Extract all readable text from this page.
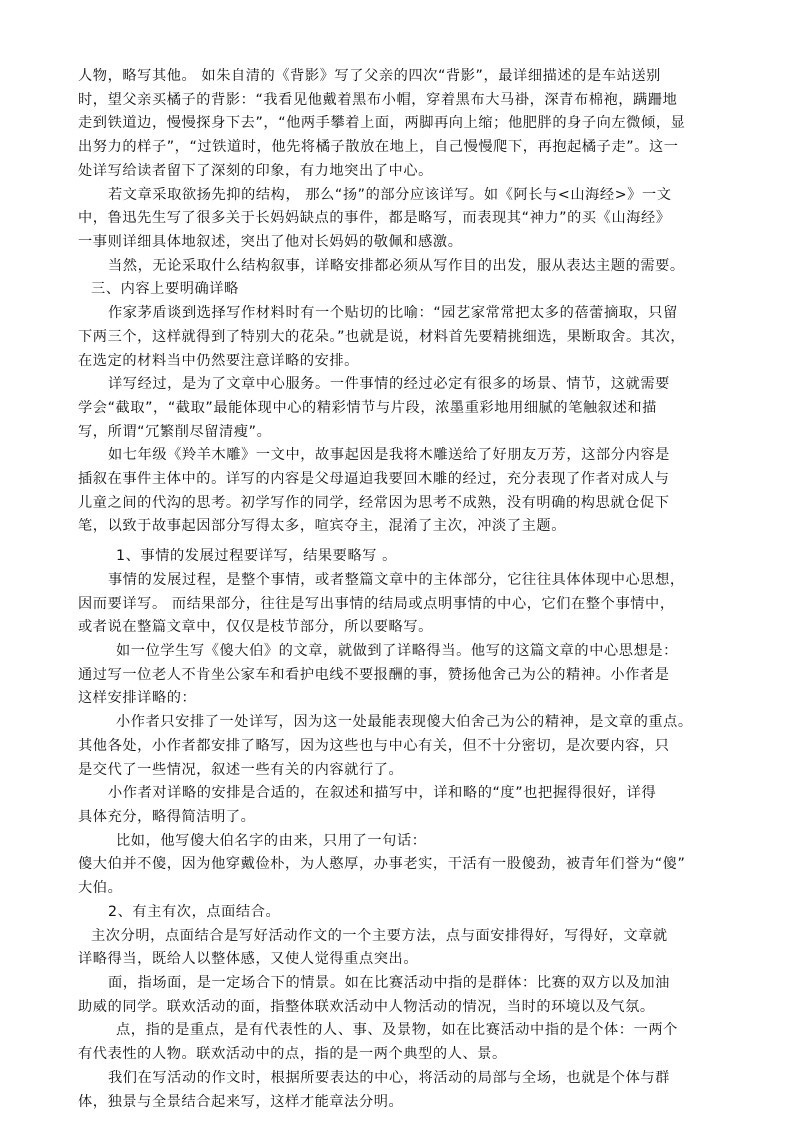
人物，略写其他。 如朱自清的《背影》写了父亲的四次“背影”，最详细描述的是车站送别
时，望父亲买橘子的背影：“我看见他戴着黑布小帽，穿着黑布大马褂，深青布棉袍，蹒跚地
走到铁道边，慢慢探身下去”，“他两手攀着上面，两脚再向上缩；他肥胖的身子向左微倾，显
出努力的样子”，“过铁道时，他先将橘子散放在地上，自己慢慢爬下，再抱起橘子走”。这一
处详写给读者留下了深刻的印象，有力地突出了中心。
若文章采取欲扬先抑的结构， 那么“扬”的部分应该详写。如《阿长与<山海经>》一文
中，鲁迅先生写了很多关于长妈妈缺点的事件，都是略写，而表现其“神力”的买《山海经》
一事则详细具体地叙述，突出了他对长妈妈的敬佩和感激。
当然，无论采取什么结构叙事，详略安排都必须从写作目的出发，服从表达主题的需要。
三、内容上要明确详略
作家茅盾谈到选择写作材料时有一个贴切的比喻：“园艺家常常把太多的蓓蕾摘取，只留
下两三个，这样就得到了特别大的花朵。”也就是说，材料首先要精挑细选，果断取舍。其次，
在选定的材料当中仍然要注意详略的安排。
详写经过，是为了文章中心服务。一件事情的经过必定有很多的场景、情节，这就需要
学会“截取”，“截取”最能体现中心的精彩情节与片段，浓墨重彩地用细腻的笔触叙述和描
写，所谓“冗繁削尽留清瘦”。
如七年级《羚羊木雕》一文中，故事起因是我将木雕送给了好朋友万芳，这部分内容是
插叙在事件主体中的。详写的内容是父母逼迫我要回木雕的经过，充分表现了作者对成人与
儿童之间的代沟的思考。初学写作的同学，经常因为思考不成熟，没有明确的构思就仓促下
笔，以致于故事起因部分写得太多，喧宾夺主，混淆了主次，冲淡了主题。
1、事情的发展过程要详写，结果要略写 。
事情的发展过程，是整个事情，或者整篇文章中的主体部分，它往往具体体现中心思想，
因而要详写。 而结果部分，往往是写出事情的结局或点明事情的中心，它们在整个事情中，
或者说在整篇文章中，仅仅是枝节部分，所以要略写。
如一位学生写《傻大伯》的文章，就做到了详略得当。他写的这篇文章的中心思想是：
通过写一位老人不肯坐公家车和看护电线不要报酬的事，赞扬他舍己为公的精神。小作者是
这样安排详略的：
小作者只安排了一处详写，因为这一处最能表现傻大伯舍己为公的精神，是文章的重点。
其他各处，小作者都安排了略写，因为这些也与中心有关，但不十分密切，是次要内容，只
是交代了一些情况，叙述一些有关的内容就行了。
小作者对详略的安排是合适的，在叙述和描写中，详和略的“度”也把握得很好，详得
具体充分，略得简洁明了。
比如，他写傻大伯名字的由来，只用了一句话：
傻大伯并不傻，因为他穿戴俭朴，为人憨厚，办事老实，干活有一股傻劲，被青年们誉为“傻”
大伯。
2、有主有次，点面结合。
主次分明，点面结合是写好活动作文的一个主要方法，点与面安排得好，写得好，文章就
详略得当，既给人以整体感，又使人觉得重点突出。
面，指场面，是一定场合下的情景。如在比赛活动中指的是群体：比赛的双方以及加油
助威的同学。联欢活动的面，指整体联欢活动中人物活动的情况，当时的环境以及气氛。
点，指的是重点，是有代表性的人、事、及景物，如在比赛活动中指的是个体：一两个
有代表性的人物。联欢活动中的点，指的是一两个典型的人、景。
我们在写活动的作文时，根据所要表达的中心，将活动的局部与全场，也就是个体与群
体，独景与全景结合起来写，这样才能章法分明。
